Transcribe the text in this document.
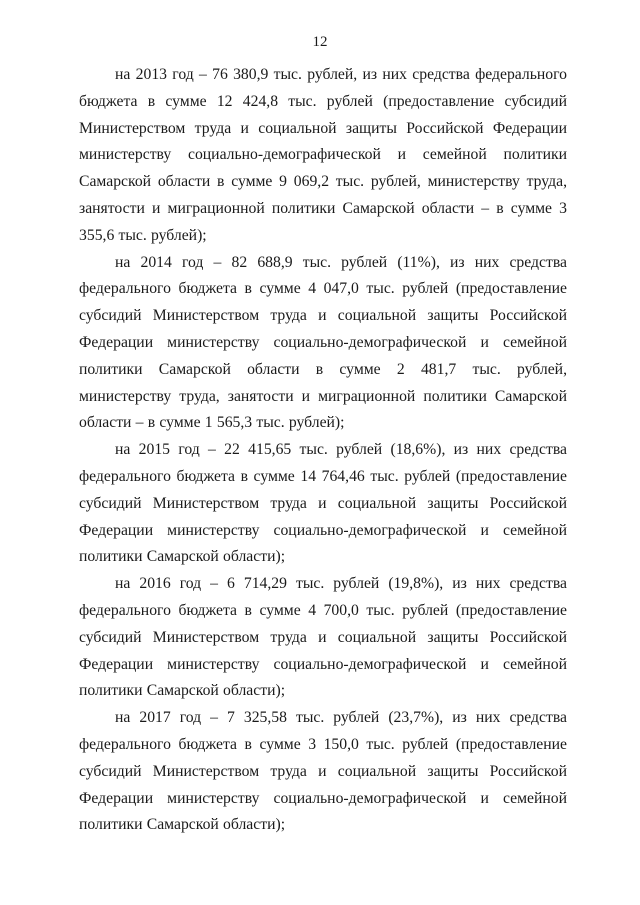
12

на 2013 год – 76 380,9 тыс. рублей, из них средства федерального бюджета в сумме 12 424,8 тыс. рублей (предоставление субсидий Министерством труда и социальной защиты Российской Федерации министерству социально-демографической и семейной политики Самарской области в сумме 9 069,2 тыс. рублей, министерству труда, занятости и миграционной политики Самарской области – в сумме 3 355,6 тыс. рублей);

на 2014 год – 82 688,9 тыс. рублей (11%), из них средства федерального бюджета в сумме 4 047,0 тыс. рублей (предоставление субсидий Министерством труда и социальной защиты Российской Федерации министерству социально-демографической и семейной политики Самарской области в сумме 2 481,7 тыс. рублей, министерству труда, занятости и миграционной политики Самарской области – в сумме 1 565,3 тыс. рублей);

на 2015 год – 22 415,65 тыс. рублей (18,6%), из них средства федерального бюджета в сумме 14 764,46 тыс. рублей (предоставление субсидий Министерством труда и социальной защиты Российской Федерации министерству социально-демографической и семейной политики Самарской области);

на 2016 год – 6 714,29 тыс. рублей (19,8%), из них средства федерального бюджета в сумме 4 700,0 тыс. рублей (предоставление субсидий Министерством труда и социальной защиты Российской Федерации министерству социально-демографической и семейной политики Самарской области);

на 2017 год – 7 325,58 тыс. рублей (23,7%), из них средства федерального бюджета в сумме 3 150,0 тыс. рублей (предоставление субсидий Министерством труда и социальной защиты Российской Федерации министерству социально-демографической и семейной политики Самарской области);
